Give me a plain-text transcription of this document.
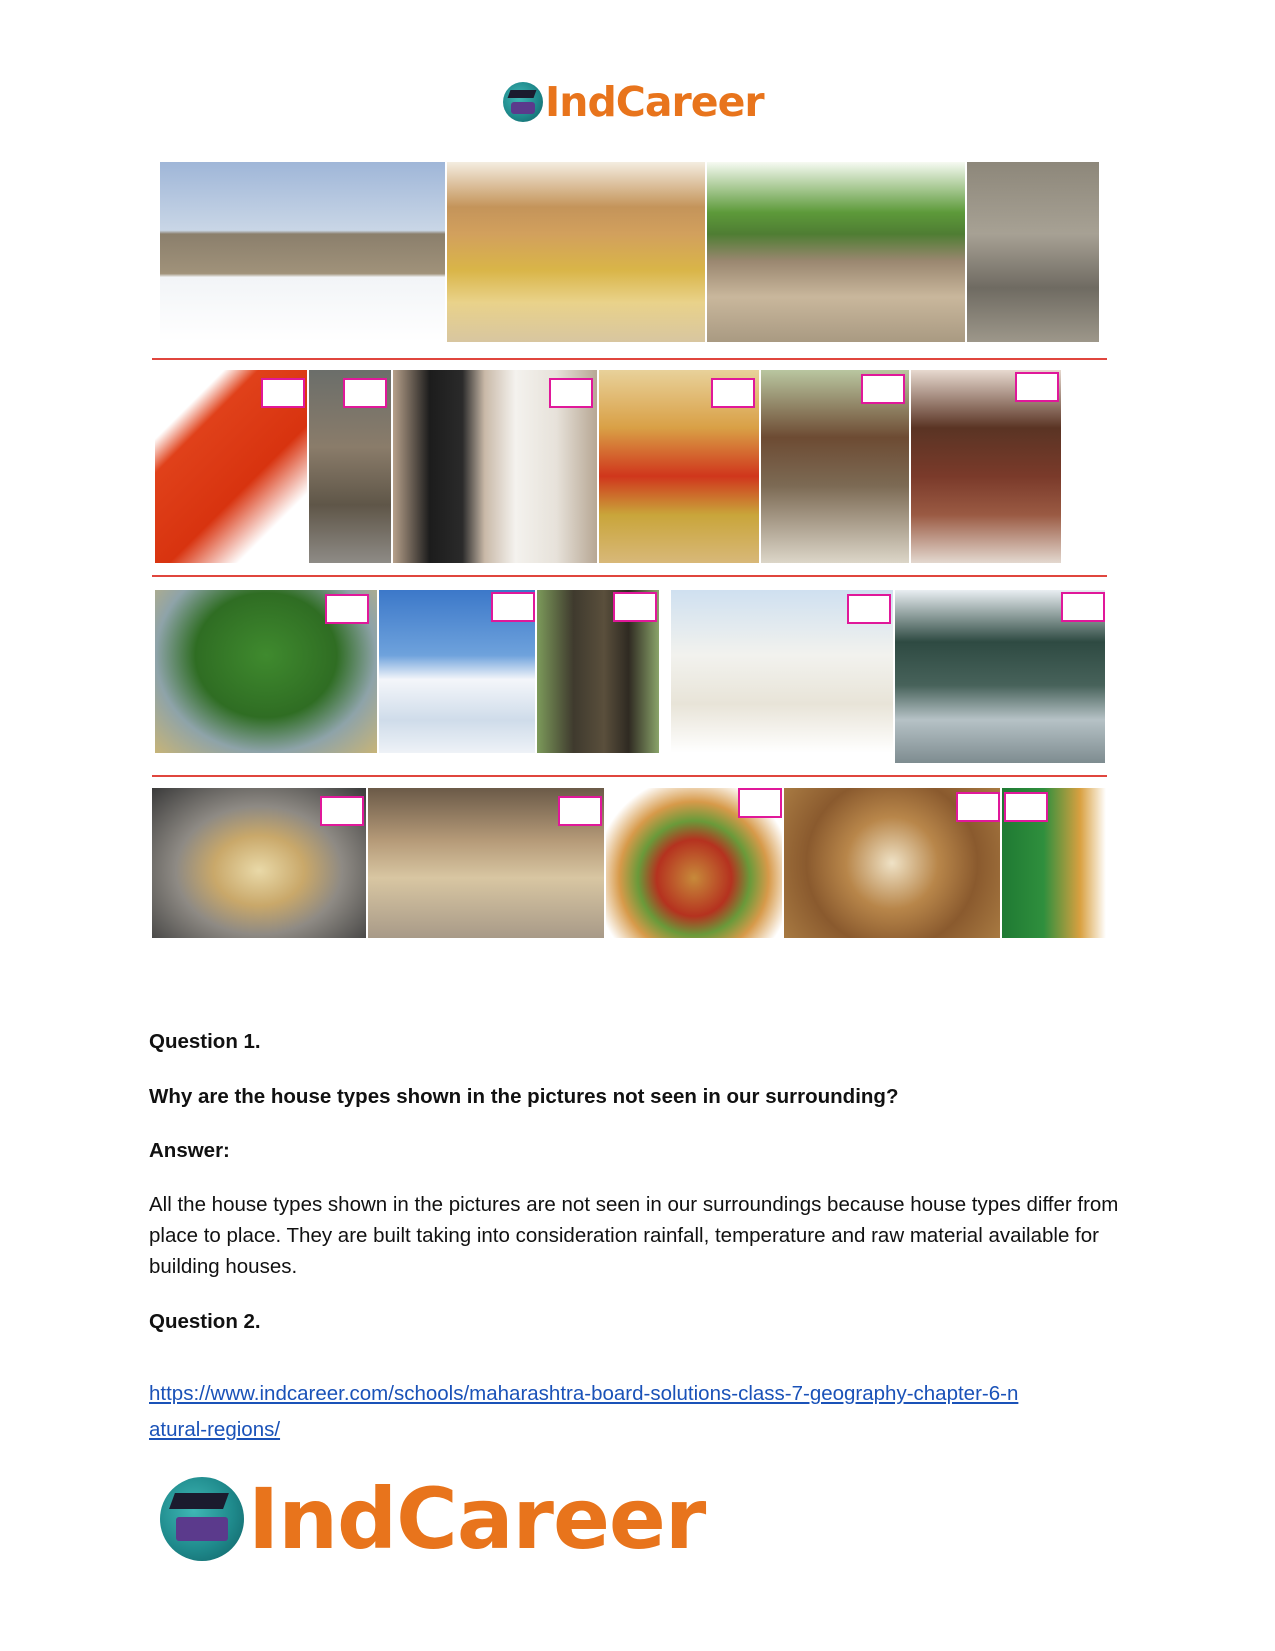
IndCareer
Question 1.
Why are the house types shown in the pictures not seen in our surrounding?
Answer:
All the house types shown in the pictures are not seen in our surroundings because house types differ from place to place. They are built taking into consideration rainfall, temperature and raw material available for building houses.
Question 2.
https://www.indcareer.com/schools/maharashtra-board-solutions-class-7-geography-chapter-6-n
atural-regions/
IndCareer
